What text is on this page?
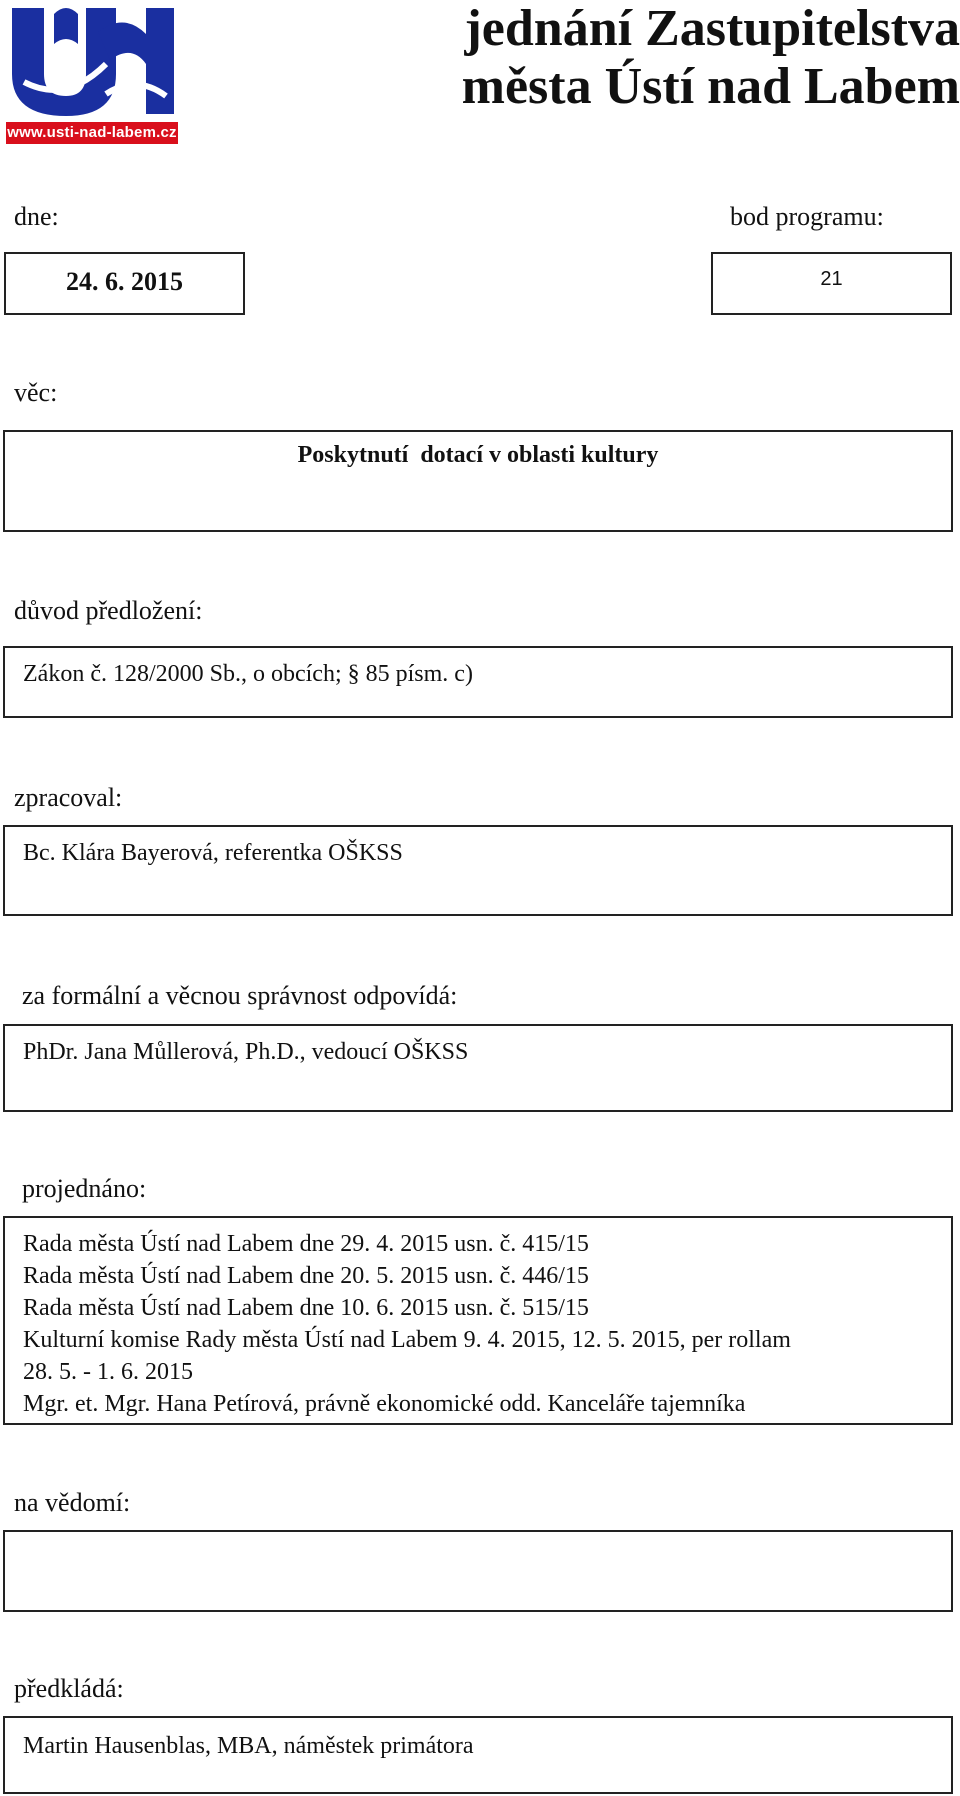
www.usti-nad-labem.cz
jednání Zastupitelstva
města Ústí nad Labem
dne:
24. 6. 2015
bod programu:
21
věc:
Poskytnutí  dotací v oblasti kultury
důvod předložení:
Zákon č. 128/2000 Sb., o obcích; § 85 písm. c)
zpracoval:
Bc. Klára Bayerová, referentka OŠKSS
za formální a věcnou správnost odpovídá:
PhDr. Jana Můllerová, Ph.D., vedoucí OŠKSS
projednáno:
Rada města Ústí nad Labem dne 29. 4. 2015 usn. č. 415/15
Rada města Ústí nad Labem dne 20. 5. 2015 usn. č. 446/15
Rada města Ústí nad Labem dne 10. 6. 2015 usn. č. 515/15
Kulturní komise Rady města Ústí nad Labem 9. 4. 2015, 12. 5. 2015, per rollam
28. 5. - 1. 6. 2015
Mgr. et. Mgr. Hana Petírová, právně ekonomické odd. Kanceláře tajemníka
na vědomí:
předkládá:
Martin Hausenblas, MBA, náměstek primátora
